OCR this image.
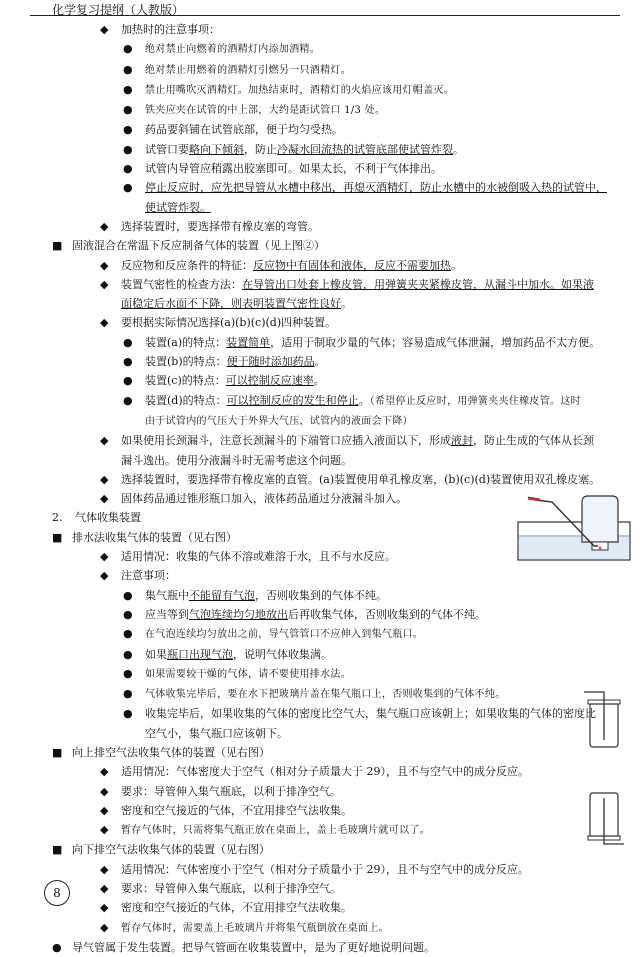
化学复习提纲（人教版）
◆ 加热时的注意事项：
● 绝对禁止向燃着的酒精灯内添加酒精。
● 绝对禁止用燃着的酒精灯引燃另一只酒精灯。
● 禁止用嘴吹灭酒精灯。加热结束时，酒精灯的火焰应该用灯帽盖灭。
● 铁夹应夹在试管的中上部，大约是距试管口 1/3 处。
● 药品要斜铺在试管底部，便于均匀受热。
● 试管口要略向下倾斜，防止冷凝水回流热的试管底部使试管炸裂。
● 试管内导管应稍露出胶塞即可。如果太长，不利于气体排出。
● 停止反应时，应先把导管从水槽中移出，再熄灭酒精灯，防止水槽中的水被倒吸入热的试管中，
使试管炸裂。
◆ 选择装置时，要选择带有橡皮塞的弯管。
■ 固液混合在常温下反应制备气体的装置（见上图②）
◆ 反应物和反应条件的特征：反应物中有固体和液体，反应不需要加热。
◆ 装置气密性的检查方法：在导管出口处套上橡皮管，用弹簧夹夹紧橡皮管，从漏斗中加水。如果液
面稳定后水面不下降，则表明装置气密性良好。
◆ 要根据实际情况选择(a)(b)(c)(d)四种装置。
● 装置(a)的特点：装置简单，适用于制取少量的气体；容易造成气体泄漏，增加药品不太方便。
● 装置(b)的特点：便于随时添加药品。
● 装置(c)的特点：可以控制反应速率。
● 装置(d)的特点：可以控制反应的发生和停止。（希望停止反应时，用弹簧夹夹住橡皮管。这时
由于试管内的气压大于外界大气压，试管内的液面会下降）
◆ 如果使用长颈漏斗，注意长颈漏斗的下端管口应插入液面以下，形成液封，防止生成的气体从长颈
漏斗逸出。使用分液漏斗时无需考虑这个问题。
◆ 选择装置时，要选择带有橡皮塞的直管。(a)装置使用单孔橡皮塞，(b)(c)(d)装置使用双孔橡皮塞。
◆ 固体药品通过锥形瓶口加入，液体药品通过分液漏斗加入。
2. 气体收集装置
■ 排水法收集气体的装置（见右图）
◆ 适用情况：收集的气体不溶或难溶于水，且不与水反应。
◆ 注意事项：
● 集气瓶中不能留有气泡，否则收集到的气体不纯。
● 应当等到气泡连续均匀地放出后再收集气体，否则收集到的气体不纯。
● 在气泡连续均匀放出之前，导气管管口不应伸入到集气瓶口。
● 如果瓶口出现气泡，说明气体收集满。
● 如果需要较干燥的气体，请不要使用排水法。
● 气体收集完毕后，要在水下把玻璃片盖在集气瓶口上，否则收集到的气体不纯。
● 收集完毕后，如果收集的气体的密度比空气大，集气瓶口应该朝上；如果收集的气体的密度比
空气小，集气瓶口应该朝下。
■ 向上排空气法收集气体的装置（见右图）
◆ 适用情况：气体密度大于空气（相对分子质量大于 29），且不与空气中的成分反应。
◆ 要求：导管伸入集气瓶底，以利于排净空气。
◆ 密度和空气接近的气体，不宜用排空气法收集。
◆ 暂存气体时，只需将集气瓶正放在桌面上，盖上毛玻璃片就可以了。
■ 向下排空气法收集气体的装置（见右图）
◆ 适用情况：气体密度小于空气（相对分子质量小于 29），且不与空气中的成分反应。
◆ 要求：导管伸入集气瓶底，以利于排净空气。
◆ 密度和空气接近的气体，不宜用排空气法收集。
◆ 暂存气体时，需要盖上毛玻璃片并将集气瓶倒放在桌面上。
● 导气管属于发生装置。把导气管画在收集装置中，是为了更好地说明问题。
8
